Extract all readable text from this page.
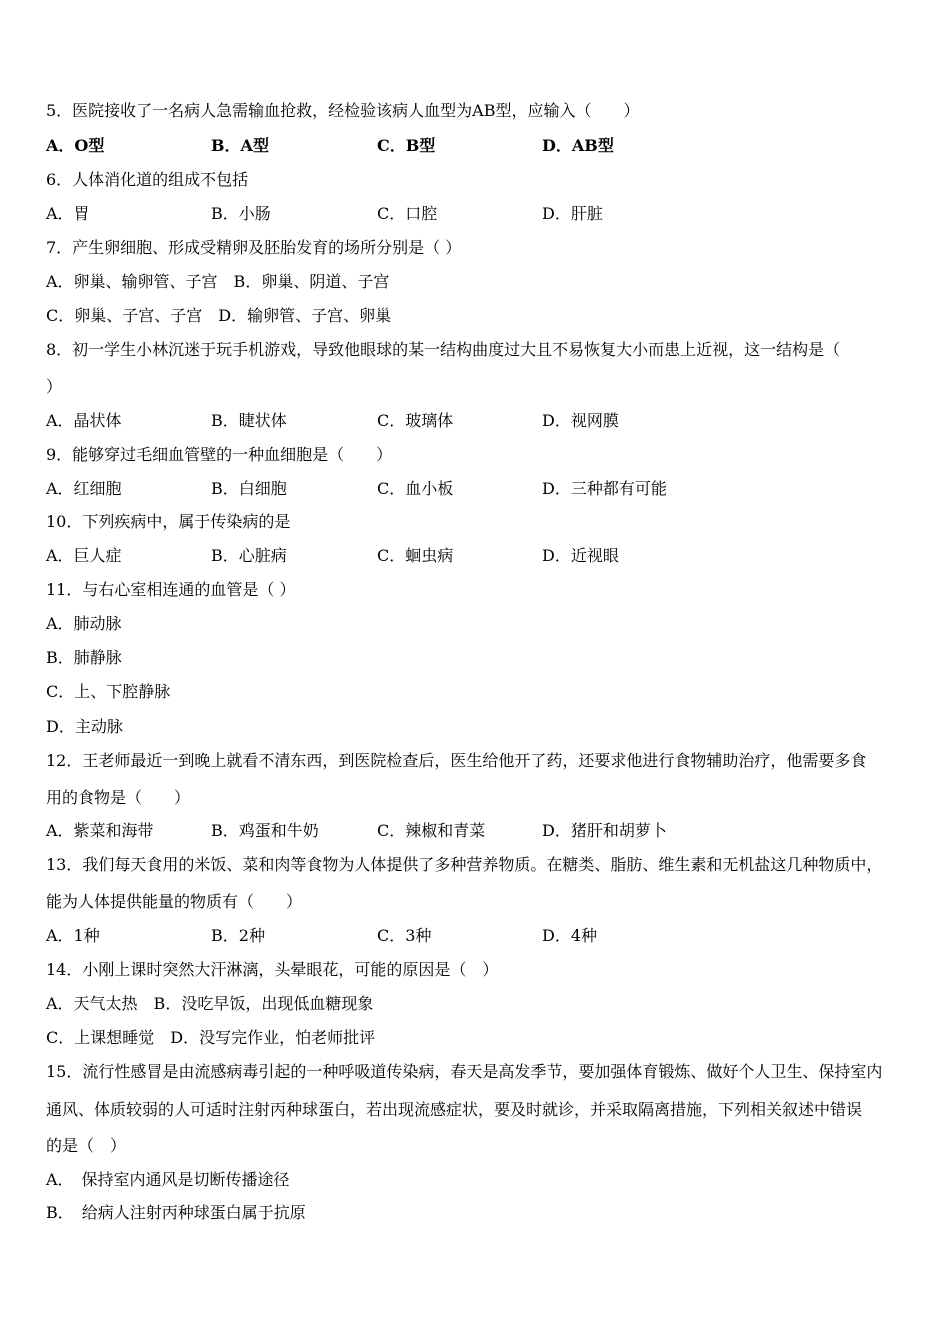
5．医院接收了一名病人急需输血抢救，经检验该病人血型为AB型，应输入（　　）
A．O型	B．A型	C．B型	D．AB型
6．人体消化道的组成不包括
A．胃	B．小肠	C．口腔	D．肝脏
7．产生卵细胞、形成受精卵及胚胎发育的场所分别是（ ）
A．卵巢、输卵管、子宫　B．卵巢、阴道、子宫
C．卵巢、子宫、子宫　D．输卵管、子宫、卵巢
8．初一学生小林沉迷于玩手机游戏，导致他眼球的某一结构曲度过大且不易恢复大小而患上近视，这一结构是（
）
A．晶状体	B．睫状体	C．玻璃体	D．视网膜
9．能够穿过毛细血管壁的一种血细胞是（　　）
A．红细胞	B．白细胞	C．血小板	D．三种都有可能
10．下列疾病中，属于传染病的是
A．巨人症	B．心脏病	C．蛔虫病	D．近视眼
11．与右心室相连通的血管是（ ）
A．肺动脉
B．肺静脉
C．上、下腔静脉
D．主动脉
12．王老师最近一到晚上就看不清东西，到医院检查后，医生给他开了药，还要求他进行食物辅助治疗，他需要多食
用的食物是（　　）
A．紫菜和海带	B．鸡蛋和牛奶	C．辣椒和青菜	D．猪肝和胡萝卜
13．我们每天食用的米饭、菜和肉等食物为人体提供了多种营养物质。在糖类、脂肪、维生素和无机盐这几种物质中，
能为人体提供能量的物质有（　　）
A．1种	B．2种	C．3种	D．4种
14．小刚上课时突然大汗淋漓，头晕眼花，可能的原因是（　）
A．天气太热　B．没吃早饭，出现低血糖现象
C．上课想睡觉　D．没写完作业，怕老师批评
15．流行性感冒是由流感病毒引起的一种呼吸道传染病，春天是高发季节，要加强体育锻炼、做好个人卫生、保持室内
通风、体质较弱的人可适时注射丙种球蛋白，若出现流感症状，要及时就诊，并采取隔离措施，下列相关叙述中错误
的是（　）
A．　保持室内通风是切断传播途径
B．　给病人注射丙种球蛋白属于抗原
